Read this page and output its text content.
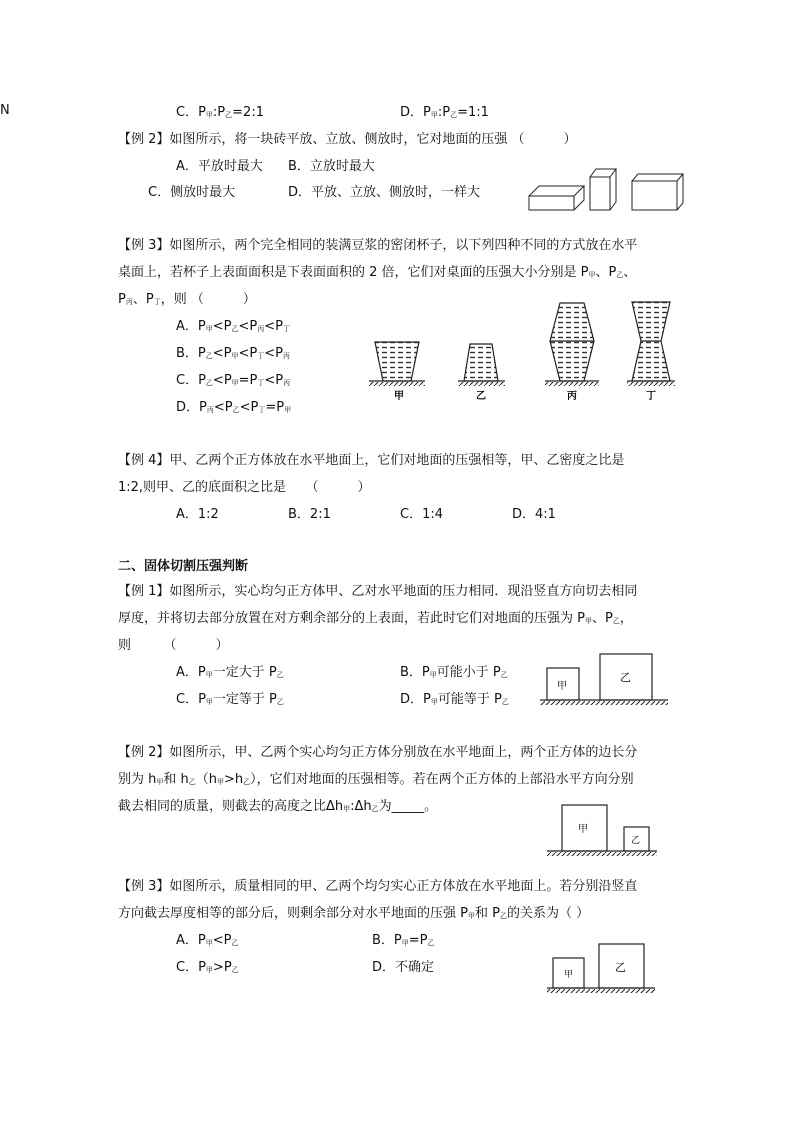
N	C．P甲:P乙=2:1	D．P甲:P乙=1:1
【例 2】如图所示，将一块砖平放、立放、侧放时，它对地面的压强 （　　　）
A．平放时最大 B．立放时最大
C．侧放时最大	D．平放、立放、侧放时，一样大
【例 3】如图所示，两个完全相同的装满豆浆的密闭杯子，以下列四种不同的方式放在水平
桌面上，若杯子上表面面积是下表面面积的 2 倍，它们对桌面的压强大小分别是 P甲、P乙、
P丙、P丁，则 （　　　）
A．P甲<P乙<P丙<P丁
B．P乙<P甲<P丁<P丙
C．P乙<P甲=P丁<P丙
D．P丙<P乙<P丁=P甲
甲	乙	丙	丁
【例 4】甲、乙两个正方体放在水平地面上，它们对地面的压强相等，甲、乙密度之比是
1:2,则甲、乙的底面积之比是　　（　　　）
A．1:2	B．2:1	C．1:4	D．4:1
二、固体切割压强判断
【例 1】如图所示，实心均匀正方体甲、乙对水平地面的压力相同．现沿竖直方向切去相同
厚度，并将切去部分放置在对方剩余部分的上表面，若此时它们对地面的压强为 P甲、P乙，
则　　　（　　　）
A．P甲一定大于 P乙	B．P甲可能小于 P乙
C．P甲一定等于 P乙	D．P甲可能等于 P乙
甲
乙
【例 2】如图所示，甲、乙两个实心均匀正方体分别放在水平地面上，两个正方体的边长分
别为 h甲和 h乙（h甲>h乙），它们对地面的压强相等。若在两个正方体的上部沿水平方向分别
截去相同的质量，则截去的高度之比Δh甲:Δh乙为_____。
甲
乙
【例 3】如图所示，质量相同的甲、乙两个均匀实心正方体放在水平地面上。若分别沿竖直
方向截去厚度相等的部分后，则剩余部分对水平地面的压强 P甲和 P乙的关系为（ ）
A．P甲<P乙	B．P甲=P乙
C．P甲>P乙	D．不确定	甲
乙
